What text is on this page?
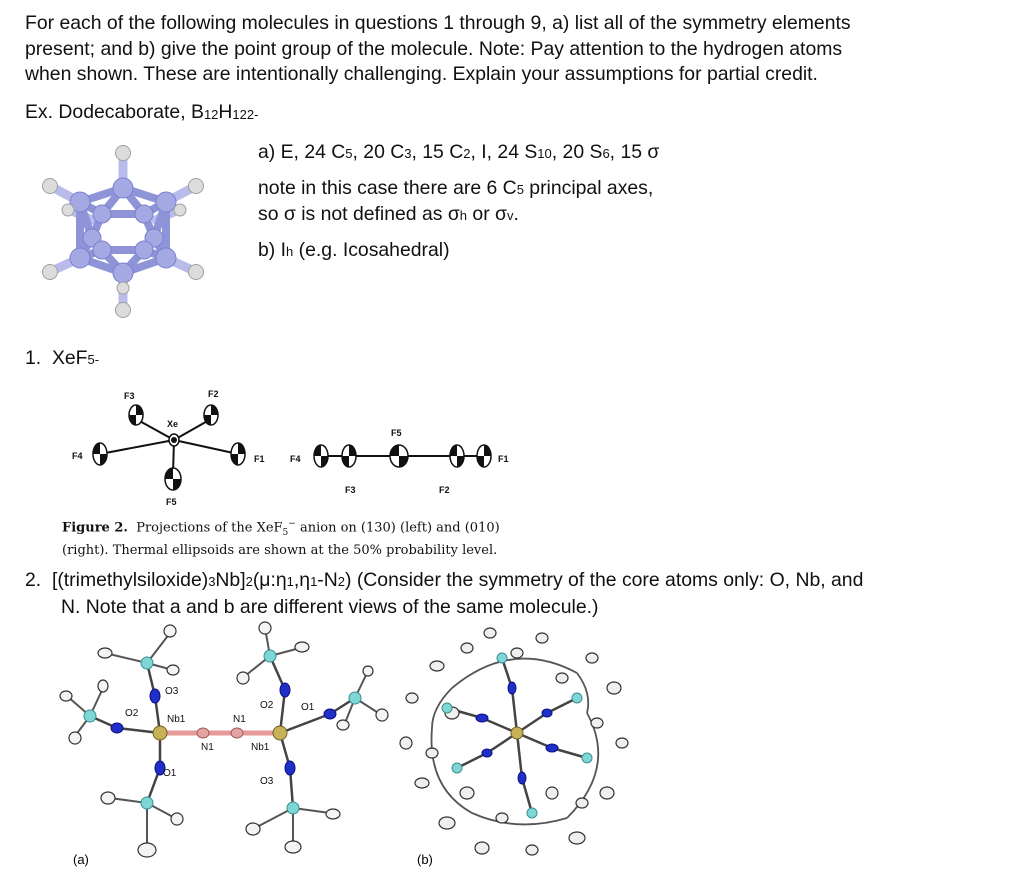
For each of the following molecules in questions 1 through 9, a) list all of the symmetry elements
present; and b) give the point group of the molecule. Note: Pay attention to the hydrogen atoms
when shown. These are intentionally challenging. Explain your assumptions for partial credit.
Ex. Dodecaborate, B12H122-
a) E, 24 C5, 20 C3, 15 C2, I, 24 S10, 20 S6, 15 σ
note in this case there are 6 C5 principal axes,
so σ is not defined as σh or σv.
b) Ih (e.g. Icosahedral)
1. XeF5-
F3	F2
Xe
F4	F1
F5
F4
F5
F1
F3	F2
Figure 2. Projections of the XeF$_5$− anion on (130) (left) and (010)
(right). Thermal ellipsoids are shown at the 50% probability level.
2. [(trimethylsiloxide)3Nb]2(μ:η1,η1-N2) (Consider the symmetry of the core atoms only: O, Nb, and
N. Note that a and b are different views of the same molecule.)
O3
O2
Nb1	N1
N1	Nb1
O2	O1
O1
O3
(a)	(b)
